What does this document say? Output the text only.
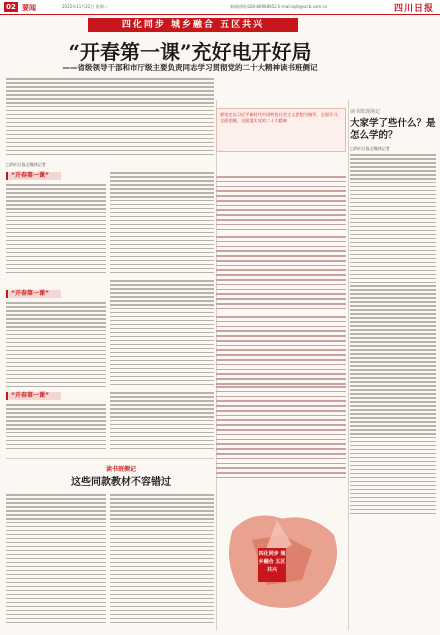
02 要闻	2022年11月22日 星期二	新闻热线:028-86968952 E-mail:zyb@scrb.com.cn	四川日报
四化同步 城乡融合 五区共兴
“开春第一课”充好电开好局
——省级领导干部和市厅级主要负责同志学习贯彻党的二十大精神读书班侧记
□四川日报全媒体记者
“开春第一课”
“开春第一课”
“开春第一课”
读书班侧记
这些同款教材不容错过
要坚定以习近平新时代中国特色社会主义思想为指导，全面学习、全面把握、全面落实党的二十大精神
四化同步 城乡融合 五区共兴
读书班现场记
大家学了些什么？是怎么学的？
□四川日报全媒体记者
